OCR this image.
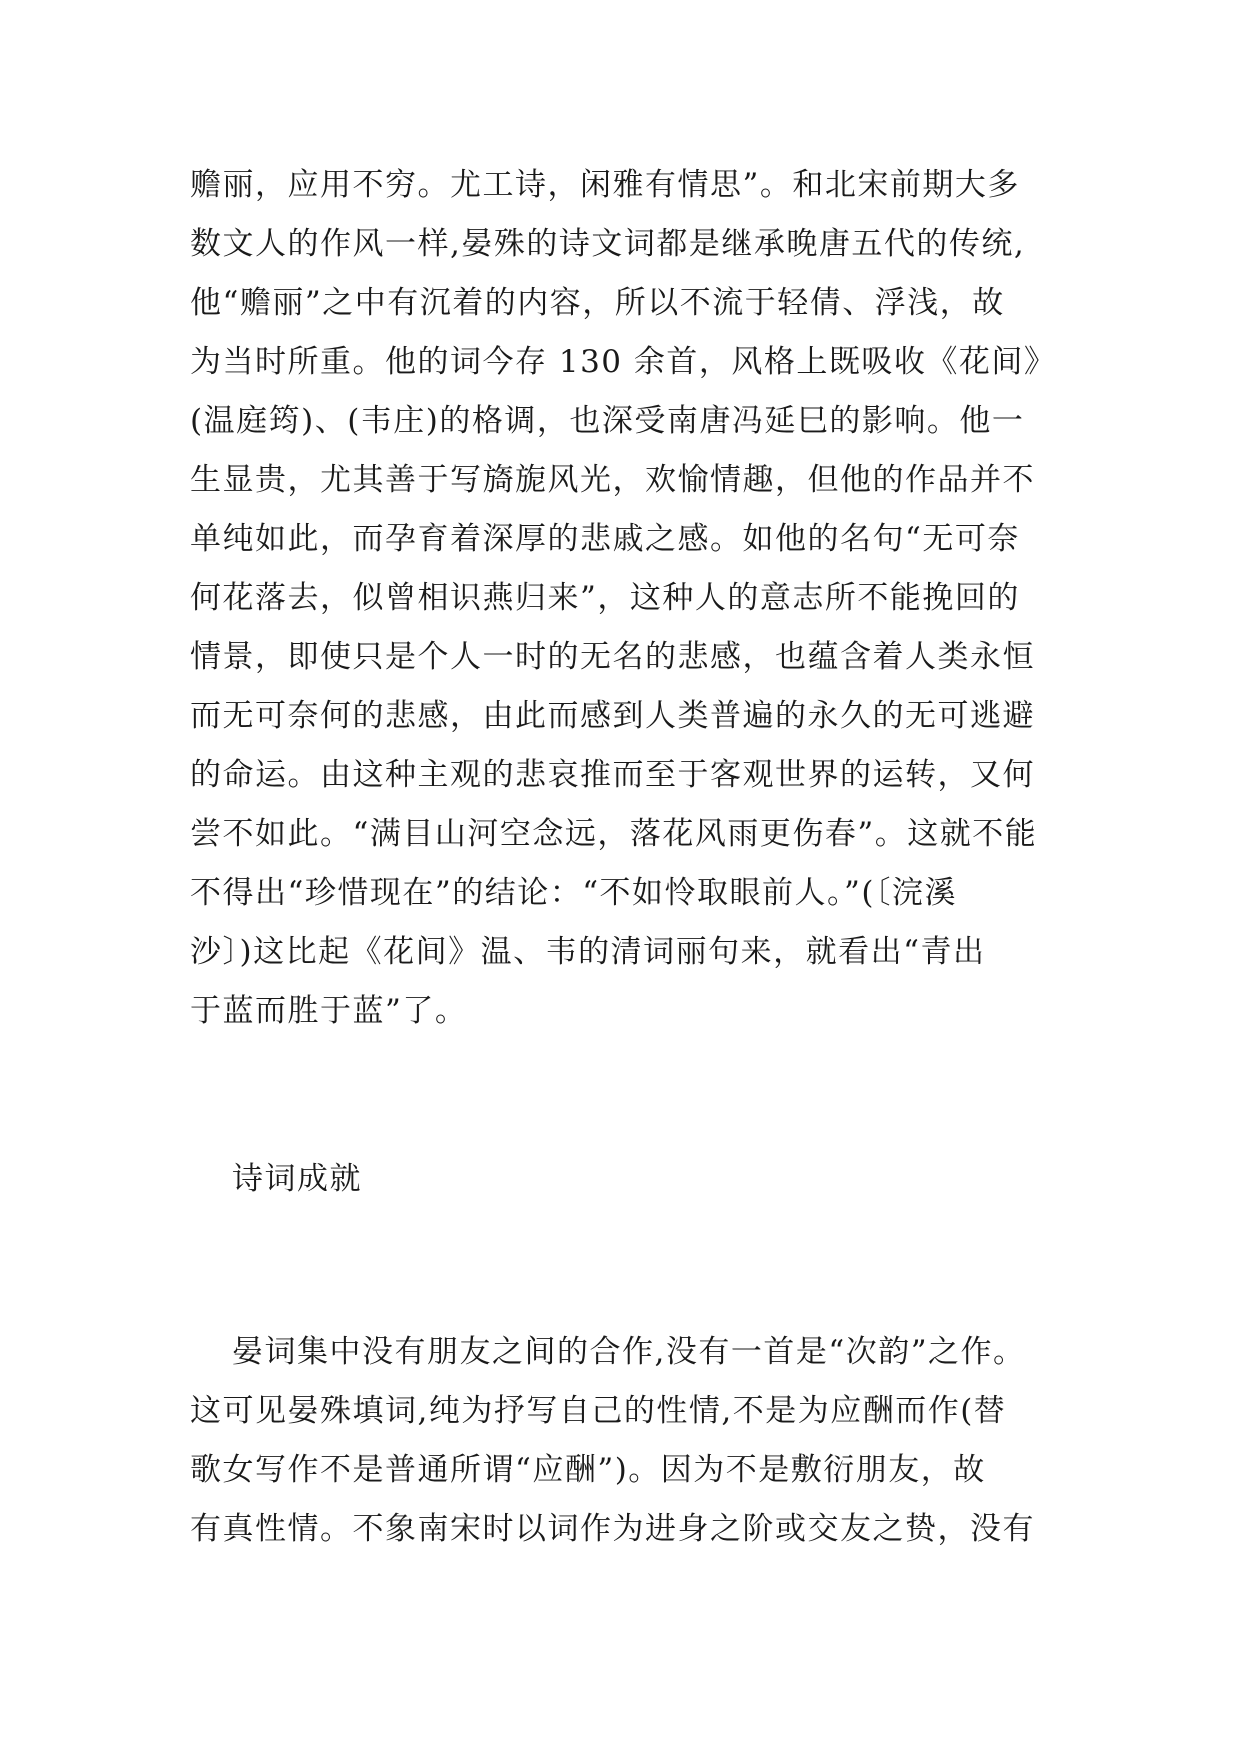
赡丽，应用不穷。尤工诗，闲雅有情思”。和北宋前期大多
数文人的作风一样,晏殊的诗文词都是继承晚唐五代的传统,
他“赡丽”之中有沉着的内容，所以不流于轻倩、浮浅，故
为当时所重。他的词今存 130 余首，风格上既吸收《花间》
(温庭筠)、(韦庄)的格调，也深受南唐冯延巳的影响。他一
生显贵，尤其善于写旖旎风光，欢愉情趣，但他的作品并不
单纯如此，而孕育着深厚的悲戚之感。如他的名句“无可奈
何花落去，似曾相识燕归来”，这种人的意志所不能挽回的
情景，即使只是个人一时的无名的悲感，也蕴含着人类永恒
而无可奈何的悲感，由此而感到人类普遍的永久的无可逃避
的命运。由这种主观的悲哀推而至于客观世界的运转，又何
尝不如此。“满目山河空念远，落花风雨更伤春”。这就不能
不得出“珍惜现在”的结论：“不如怜取眼前人。”(〔浣溪
沙〕)这比起《花间》温、韦的清词丽句来，就看出“青出
于蓝而胜于蓝”了。
诗词成就
晏词集中没有朋友之间的合作,没有一首是“次韵”之作。
这可见晏殊填词,纯为抒写自己的性情,不是为应酬而作(替
歌女写作不是普通所谓“应酬”)。因为不是敷衍朋友，故
有真性情。不象南宋时以词作为进身之阶或交友之贽，没有
